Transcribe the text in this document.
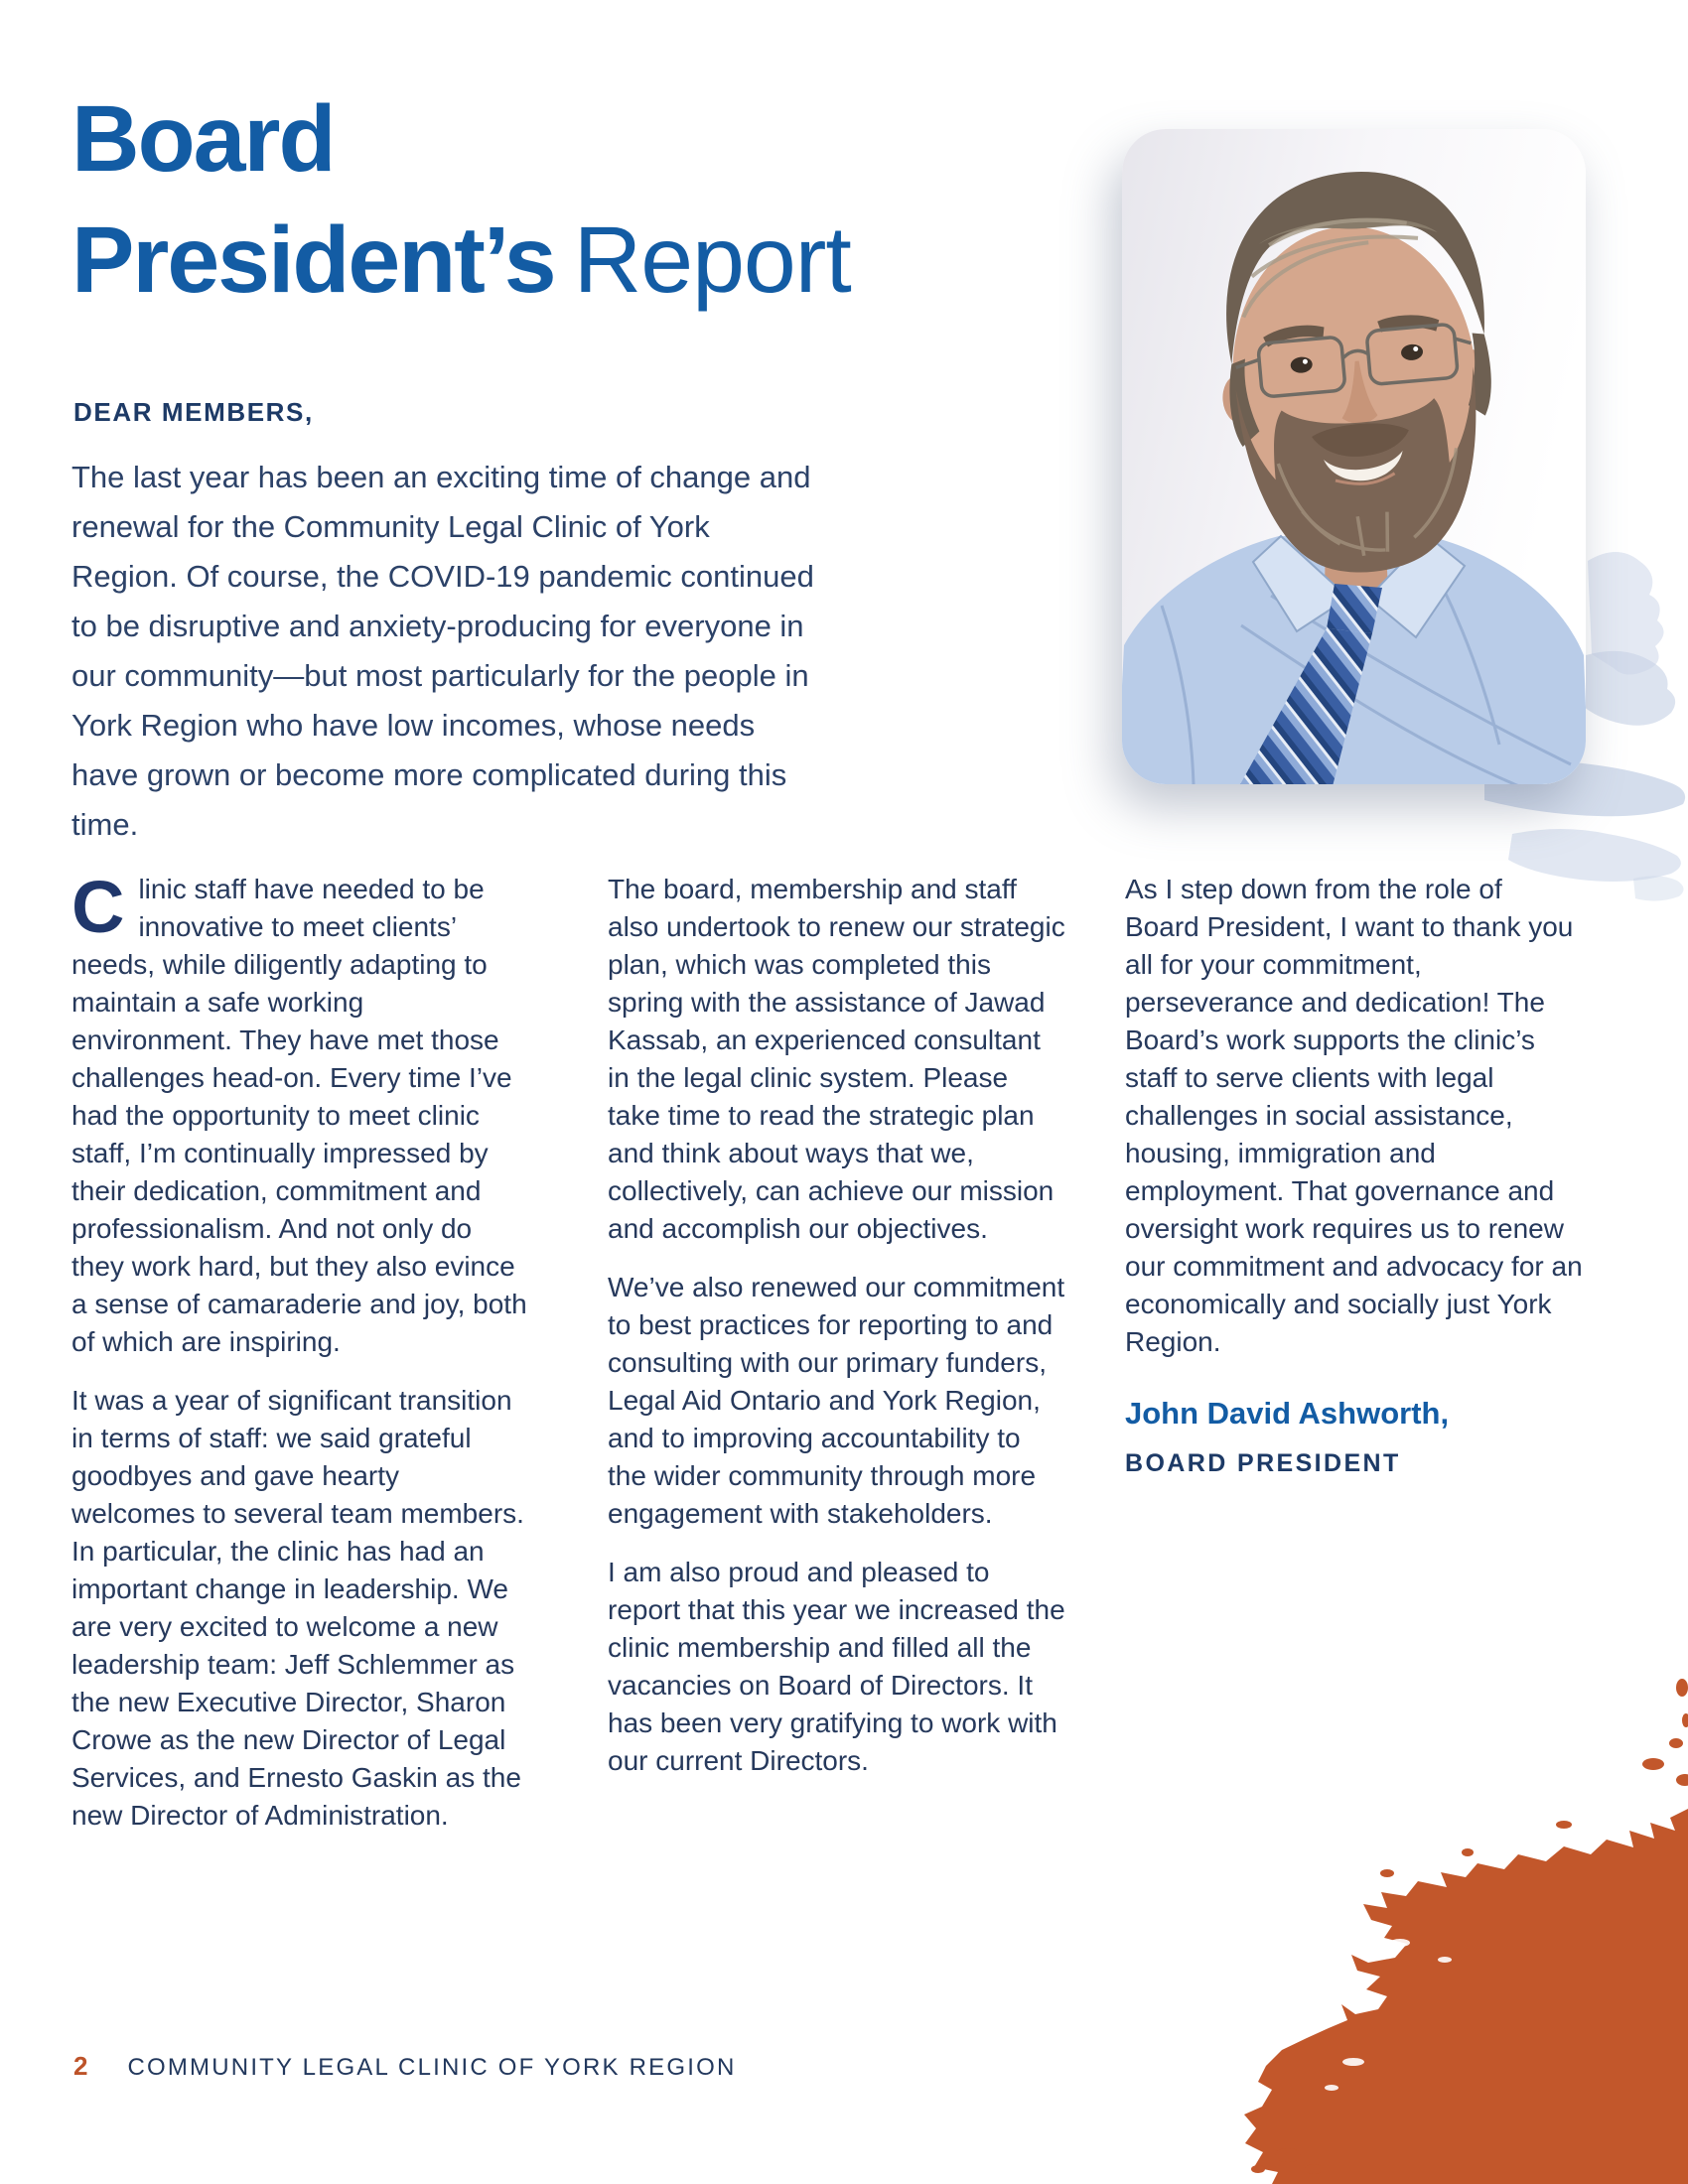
Board
President’s Report
DEAR MEMBERS,
The last year has been an exciting time of change and renewal for the Community Legal Clinic of York Region. Of course, the COVID-19 pandemic continued to be disruptive and anxiety-producing for everyone in our community—but most particularly for the people in York Region who have low incomes, whose needs have grown or become more complicated during this time.

Clinic staff have needed to be innovative to meet clients’ needs, while diligently adapting to maintain a safe working environment. They have met those challenges head-on. Every time I’ve had the opportunity to meet clinic staff, I’m continually impressed by their dedication, commitment and professionalism. And not only do they work hard, but they also evince a sense of camaraderie and joy, both of which are inspiring.

It was a year of significant transition in terms of staff: we said grateful goodbyes and gave hearty welcomes to several team members. In particular, the clinic has had an important change in leadership. We are very excited to welcome a new leadership team: Jeff Schlemmer as the new Executive Director, Sharon Crowe as the new Director of Legal Services, and Ernesto Gaskin as the new Director of Administration.

The board, membership and staff also undertook to renew our strategic plan, which was completed this spring with the assistance of Jawad Kassab, an experienced consultant in the legal clinic system. Please take time to read the strategic plan and think about ways that we, collectively, can achieve our mission and accomplish our objectives.

We’ve also renewed our commitment to best practices for reporting to and consulting with our primary funders, Legal Aid Ontario and York Region, and to improving accountability to the wider community through more engagement with stakeholders.

I am also proud and pleased to report that this year we increased the clinic membership and filled all the vacancies on Board of Directors. It has been very gratifying to work with our current Directors.

As I step down from the role of Board President, I want to thank you all for your commitment, perseverance and dedication! The Board’s work supports the clinic’s staff to serve clients with legal challenges in social assistance, housing, immigration and employment. That governance and oversight work requires us to renew our commitment and advocacy for an economically and socially just York Region.

John David Ashworth,
BOARD PRESIDENT
2 COMMUNITY LEGAL CLINIC OF YORK REGION
